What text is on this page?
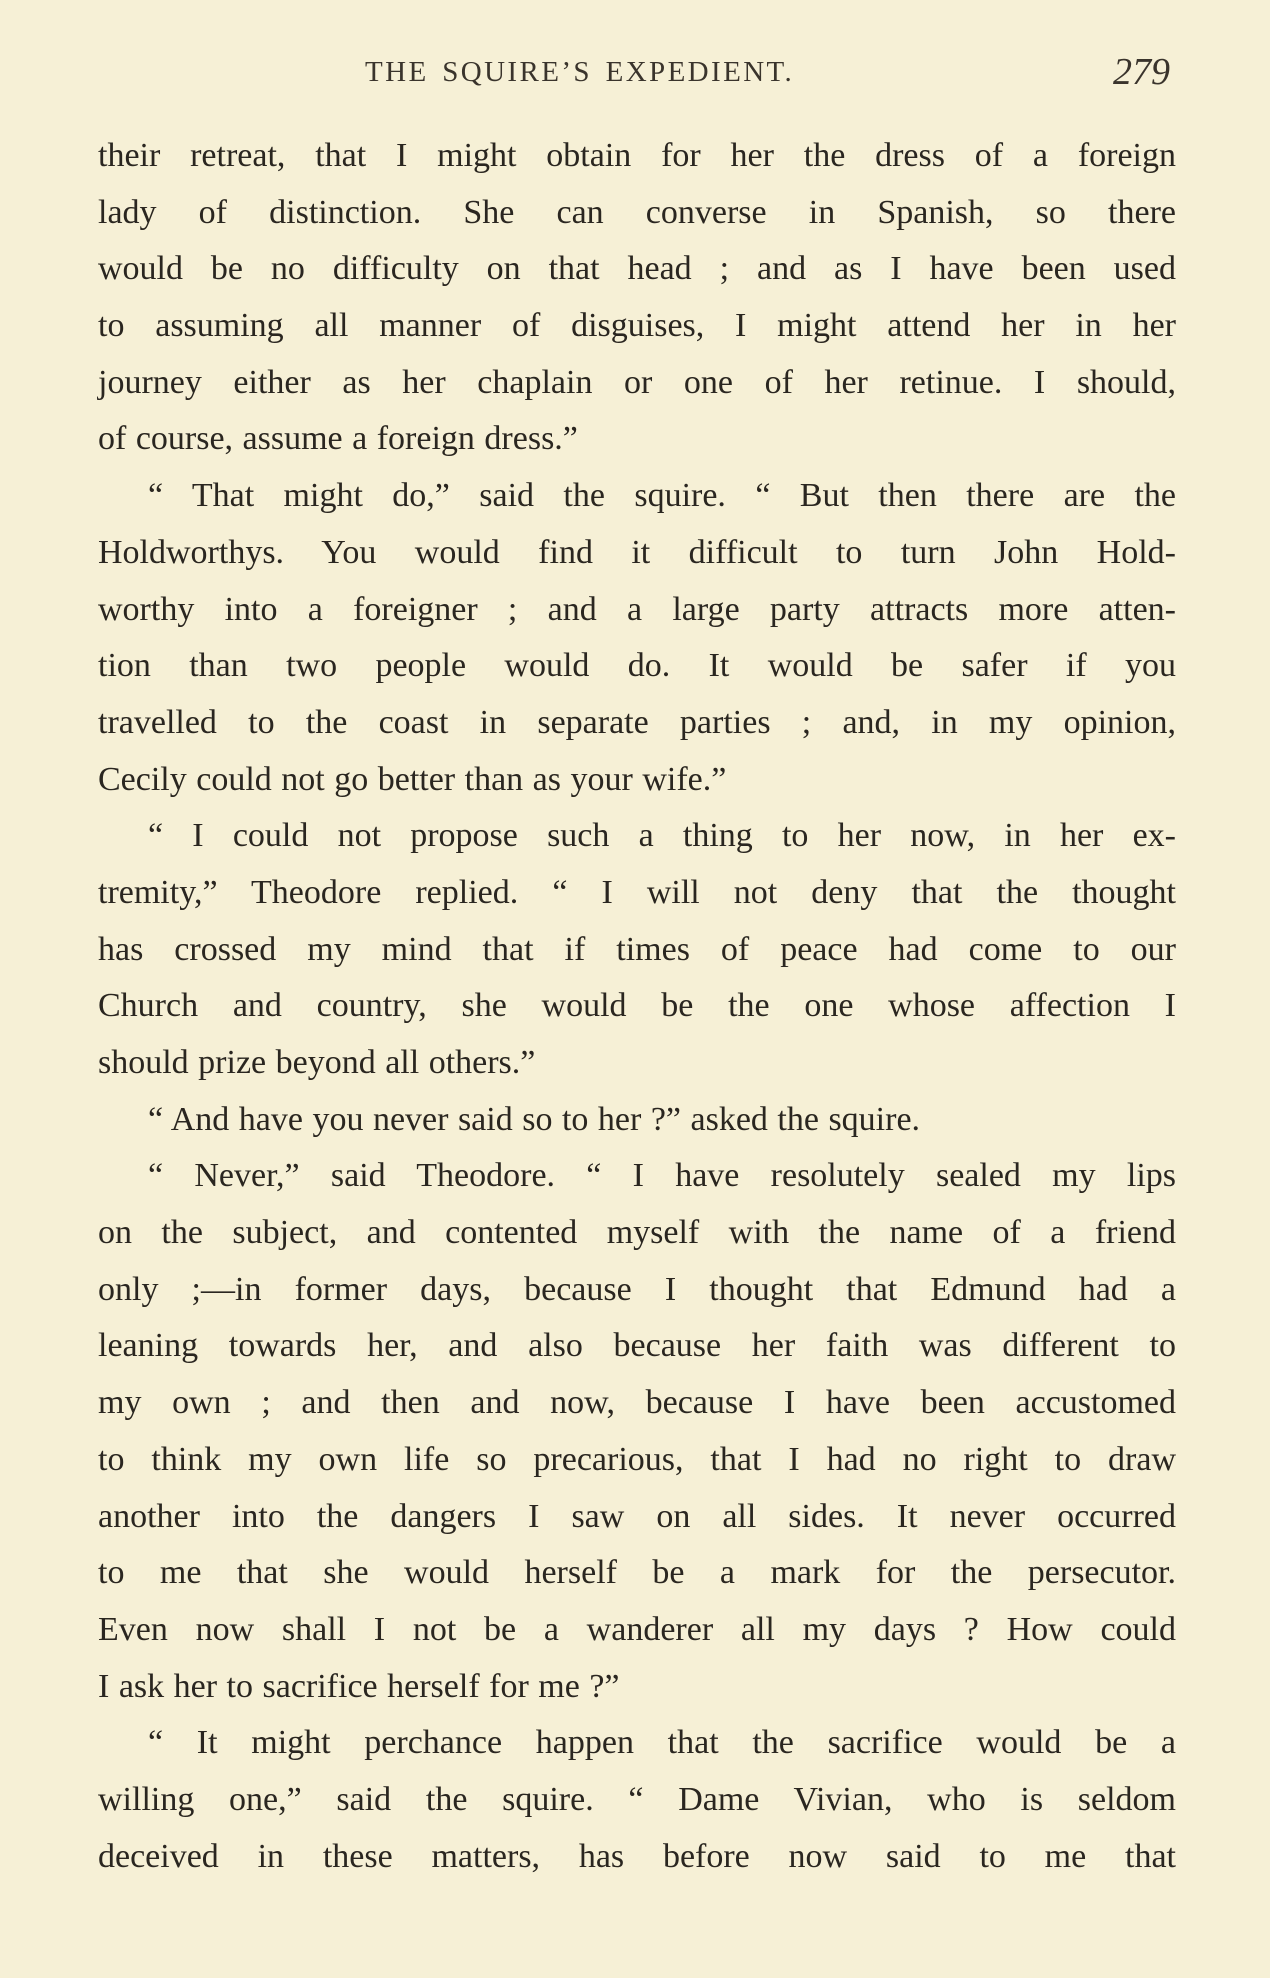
THE SQUIRE’S EXPEDIENT.	279
their retreat, that I might obtain for her the dress of a foreign
lady of distinction. She can converse in Spanish, so there
would be no difficulty on that head ; and as I have been used
to assuming all manner of disguises, I might attend her in her
journey either as her chaplain or one of her retinue. I should,
of course, assume a foreign dress.”
“ That might do,” said the squire. “ But then there are the
Holdworthys. You would find it difficult to turn John Hold-
worthy into a foreigner ; and a large party attracts more atten-
tion than two people would do. It would be safer if you
travelled to the coast in separate parties ; and, in my opinion,
Cecily could not go better than as your wife.”
“ I could not propose such a thing to her now, in her ex-
tremity,” Theodore replied. “ I will not deny that the thought
has crossed my mind that if times of peace had come to our
Church and country, she would be the one whose affection I
should prize beyond all others.”
“ And have you never said so to her ?” asked the squire.
“ Never,” said Theodore. “ I have resolutely sealed my lips
on the subject, and contented myself with the name of a friend
only ;—in former days, because I thought that Edmund had a
leaning towards her, and also because her faith was different to
my own ; and then and now, because I have been accustomed
to think my own life so precarious, that I had no right to draw
another into the dangers I saw on all sides. It never occurred
to me that she would herself be a mark for the persecutor.
Even now shall I not be a wanderer all my days ? How could
I ask her to sacrifice herself for me ?”
“ It might perchance happen that the sacrifice would be a
willing one,” said the squire. “ Dame Vivian, who is seldom
deceived in these matters, has before now said to me that
